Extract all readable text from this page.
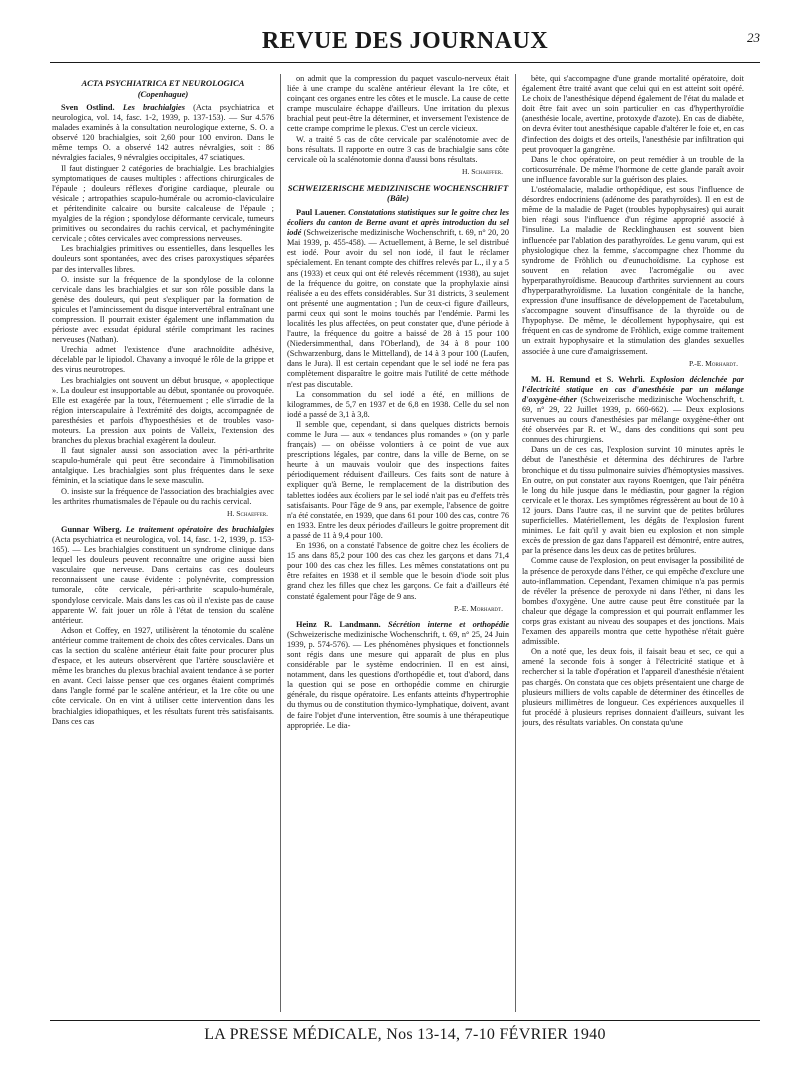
REVUE DES JOURNAUX	23
ACTA PSYCHIATRICA ET NEUROLOGICA
(Copenhague)

Sven Ostlind. Les brachialgies (Acta psychiatrica et neurologica, vol. 14, fasc. 1-2, 1939, p. 137-153). — Sur 4.576 malades examinés à la consultation neurologique externe, S. O. a observé 120 brachialgies, soit 2,60 pour 100 environ. Dans le même temps O. a observé 142 autres névralgies, soit : 86 névralgies faciales, 9 névralgies occipitales, 47 sciatiques.

Il faut distinguer 2 catégories de brachialgie. Les brachialgies symptomatiques de causes multiples : affections chirurgicales de l'épaule ; douleurs réflexes d'origine cardiaque, pleurale ou vésicale ; artropathies scapulo-humérale ou acromio-claviculaire et péritendinite calcaire ou bursite calcaleuse de l'épaule ; myalgies de la région ; spondylose déformante cervicale, tumeurs primitives ou secondaires du rachis cervical, et pachyméningite cervicale ; côtes cervicales avec compressions nerveuses.

Les brachialgies primitives ou essentielles, dans lesquelles les douleurs sont spontanées, avec des crises paroxystiques séparées par des intervalles libres.

O. insiste sur la fréquence de la spondylose de la colonne cervicale dans les brachialgies et sur son rôle possible dans la genèse des douleurs, qui peut s'expliquer par la formation de spicules et l'amincissement du disque intervertébral entraînant une compression. Il pourrait exister également une inflammation du périoste avec exsudat épidural stérile comprimant les racines nerveuses (Nathan).

Urechia admet l'existence d'une arachnoïdite adhésive, décelable par le lipiodol. Chavany a invoqué le rôle de la grippe et des virus neurotropes.

Les brachialgies ont souvent un début brusque, « apoplectique ». La douleur est insupportable au début, spontanée ou provoquée. Elle est exagérée par la toux, l'éternuement ; elle s'irradie de la région interscapulaire à l'extrémité des doigts, accompagnée de paresthésies et parfois d'hypoesthésies et de troubles vaso-moteurs. La pression aux points de Valleix, l'extension des branches du plexus brachial exagèrent la douleur.

Il faut signaler aussi son association avec la péri-arthrite scapulo-humérale qui peut être secondaire à l'immobilisation antalgique. Les brachialgies sont plus fréquentes dans le sexe féminin, et la sciatique dans le sexe masculin.

O. insiste sur la fréquence de l'association des brachialgies avec les arthrites rhumatismales de l'épaule ou du rachis cervical.

H. Schaeffer.

Gunnar Wiberg. Le traitement opératoire des brachialgies (Acta psychiatrica et neurologica, vol. 14, fasc. 1-2, 1939, p. 153-165). — Les brachialgies constituent un syndrome clinique dans lequel les douleurs peuvent reconnaître une origine aussi bien vasculaire que nerveuse. Dans certains cas ces douleurs reconnaissent une cause évidente : polynévrite, compression tumorale, côte cervicale, péri-arthrite scapulo-humérale, spondylose cervicale. Mais dans les cas où il n'existe pas de cause apparente W. fait jouer un rôle à l'état de tension du scalène antérieur.

Adson et Coffey, en 1927, utilisèrent la ténotomie du scalène antérieur comme traitement de choix des côtes cervicales. Dans un cas la section du scalène antérieur était faite pour procurer plus d'espace, et les auteurs observèrent que l'artère sousclavière et même les branches du plexus brachial avaient tendance à se porter en avant. Ceci laisse penser que ces organes étaient comprimés dans l'angle formé par le scalène antérieur, et la 1re côte ou une côte cervicale. On en vint à utiliser cette intervention dans les brachialgies idiopathiques, et les résultats furent très satisfaisants. Dans ces cas

on admit que la compression du paquet vasculo-nerveux était liée à une crampe du scalène antérieur élevant la 1re côte, et coinçant ces organes entre les côtes et le muscle. La cause de cette crampe musculaire échappe d'ailleurs. Une irritation du plexus brachial peut peut-être la déterminer, et inversement l'existence de cette crampe comprime le plexus. C'est un cercle vicieux.

W. a traité 5 cas de côte cervicale par scalénotomie avec de bons résultats. Il rapporte en outre 3 cas de brachialgie sans côte cervicale où la scalénotomie donna d'aussi bons résultats.

H. Schaeffer.
SCHWEIZERISCHE MEDIZINISCHE WOCHENSCHRIFT
(Bâle)

Paul Lauener. Constatations statistiques sur le goitre chez les écoliers du canton de Berne avant et après introduction du sel iodé (Schweizerische medizinische Wochenschrift, t. 69, n° 20, 20 Mai 1939, p. 455-458). — Actuellement, à Berne, le sel distribué est iodé. Pour avoir du sel non iodé, il faut le réclamer spécialement. En tenant compte des chiffres relevés par L., il y a 5 ans (1933) et ceux qui ont été relevés récemment (1938), au sujet de la fréquence du goitre, on constate que la prophylaxie ainsi réalisée a eu des effets considérables. Sur 31 districts, 3 seulement ont présenté une augmentation ; l'un de ceux-ci figure d'ailleurs, parmi ceux qui sont le moins touchés par l'endémie. Parmi les localités les plus affectées, on peut constater que, d'une période à l'autre, la fréquence du goitre a baissé de 28 à 15 pour 100 (Niedersimmenthal, dans l'Oberland), de 34 à 8 pour 100 (Schwarzenburg, dans le Mittelland), de 14 à 3 pour 100 (Laufen, dans le Jura). Il est certain cependant que le sel iodé ne fera pas complètement disparaître le goitre mais l'utilité de cette méthode n'est pas discutable.

La consommation du sel iodé a été, en millions de kilogrammes, de 5,7 en 1937 et de 6,8 en 1938. Celle du sel non iodé a passé de 3,1 à 3,8.

Il semble que, cependant, si dans quelques districts bernois comme le Jura — aux « tendances plus romandes » (on y parle français) — on obéisse volontiers à ce point de vue aux prescriptions légales, par contre, dans la ville de Berne, on se heurte à un mauvais vouloir que des inspections faites périodiquement réduisent d'ailleurs. Ces faits sont de nature à expliquer qu'à Berne, le remplacement de la distribution des tablettes iodées aux écoliers par le sel iodé n'ait pas eu d'effets très satisfaisants. Pour l'âge de 9 ans, par exemple, l'absence de goitre n'a été constatée, en 1939, que dans 61 pour 100 des cas, contre 76 en 1933. Entre les deux périodes d'ailleurs le goitre proprement dit a passé de 11 à 9,4 pour 100.

En 1936, on a constaté l'absence de goitre chez les écoliers de 15 ans dans 85,2 pour 100 des cas chez les garçons et dans 71,4 pour 100 des cas chez les filles. Les mêmes constatations ont pu être refaites en 1938 et il semble que le besoin d'iode soit plus grand chez les filles que chez les garçons. Ce fait a d'ailleurs été constaté également pour l'âge de 9 ans.

P.-E. Morhardt.

Heinz R. Landmann. Sécrétion interne et orthopédie (Schweizerische medizinische Wochenschrift, t. 69, n° 25, 24 Juin 1939, p. 574-576). — Les phénomènes physiques et fonctionnels sont régis dans une mesure qui apparaît de plus en plus considérable par le système endocrinien. Il en est ainsi, notamment, dans les questions d'orthopédie et, tout d'abord, dans la question qui se pose en orthopédie comme en chirurgie générale, du risque opératoire. Les enfants atteints d'hypertrophie du thymus ou de constitution thymico-lymphatique, doivent, avant de faire l'objet d'une intervention, être soumis à une thérapeutique appropriée. Le dia-

bète, qui s'accompagne d'une grande mortalité opératoire, doit également être traité avant que celui qui en est atteint soit opéré. Le choix de l'anesthésique dépend également de l'état du malade et doit être fait avec un soin particulier en cas d'hyperthyroïdie (anesthésie locale, avertine, protoxyde d'azote). En cas de diabète, on devra éviter tout anesthésique capable d'altérer le foie et, en cas d'infection des doigts et des orteils, l'anesthésie par infiltration qui peut provoquer la gangrène.

Dans le choc opératoire, on peut remédier à un trouble de la corticosurrénale. De même l'hormone de cette glande paraît avoir une influence favorable sur la guérison des plaies.

L'ostéomalacie, maladie orthopédique, est sous l'influence de désordres endocriniens (adénome des parathyroïdes). Il en est de même de la maladie de Paget (troubles hypophysaires) qui aurait bien réagi sous l'influence d'un régime approprié associé à l'insuline. La maladie de Recklinghausen est souvent bien influencée par l'ablation des parathyroïdes. Le genu varum, qui est physiologique chez la femme, s'accompagne chez l'homme du syndrome de Fröhlich ou d'eunuchoïdisme. La cyphose est souvent en relation avec l'acromégalie ou avec hyperparathyroïdisme. Beaucoup d'arthrites surviennent au cours d'hyperparathyroïdisme. La luxation congénitale de la hanche, expression d'une insuffisance de développement de l'acetabulum, s'accompagne souvent d'insuffisance de la thyroïde ou de l'hypophyse. De même, le décollement hypophysaire, qui est fréquent en cas de syndrome de Fröhlich, exige comme traitement un extrait hypophysaire et la stimulation des glandes sexuelles associée à une cure d'amaigrissement.

P.-E. Morhardt.

M. H. Remund et S. Wehrli. Explosion déclenchée par l'électricité statique en cas d'anesthésie par un mélange d'oxygène-éther (Schweizerische medizinische Wochenschrift, t. 69, n° 29, 22 Juillet 1939, p. 660-662). — Deux explosions survenues au cours d'anesthésies par mélange oxygène-éther ont été observées par R. et W., dans des conditions qui sont peu connues des chirurgiens.

Dans un de ces cas, l'explosion survint 10 minutes après le début de l'anesthésie et détermina des déchirures de l'arbre bronchique et du tissu pulmonaire suivies d'hémoptysies massives. En outre, on put constater aux rayons Roentgen, que l'air pénétra le long du hile jusque dans le médiastin, pour gagner la région cervicale et le thorax. Les symptômes régressèrent au bout de 10 à 12 jours. Dans l'autre cas, il ne survint que de petites brûlures superficielles. Matériellement, les dégâts de l'explosion furent minimes. Le fait qu'il y avait bien eu explosion et non simple excès de pression de gaz dans l'appareil est démontré, entre autres, par la présence dans les deux cas de petites brûlures.

Comme cause de l'explosion, on peut envisager la possibilité de la présence de peroxyde dans l'éther, ce qui empêche d'exclure une auto-inflammation. Cependant, l'examen chimique n'a pas permis de révéler la présence de peroxyde ni dans l'éther, ni dans les bombes d'oxygène. Une autre cause peut être constituée par la chaleur que dégage la compression et qui pourrait enflammer les corps gras existant au niveau des soupapes et des jonctions. Mais l'examen des appareils montra que cette hypothèse n'était guère admissible.

On a noté que, les deux fois, il faisait beau et sec, ce qui a amené la seconde fois à songer à l'électricité statique et à rechercher si la table d'opération et l'appareil d'anesthésie n'étaient pas chargés. On constata que ces objets présentaient une charge de plusieurs milliers de volts capable de déterminer des étincelles de plusieurs millimètres de longueur. Ces expériences auxquelles il fut procédé à plusieurs reprises donnaient d'ailleurs, suivant les jours, des résultats variables. On constata qu'une

LA PRESSE MÉDICALE, Nos 13-14, 7-10 FÉVRIER 1940
